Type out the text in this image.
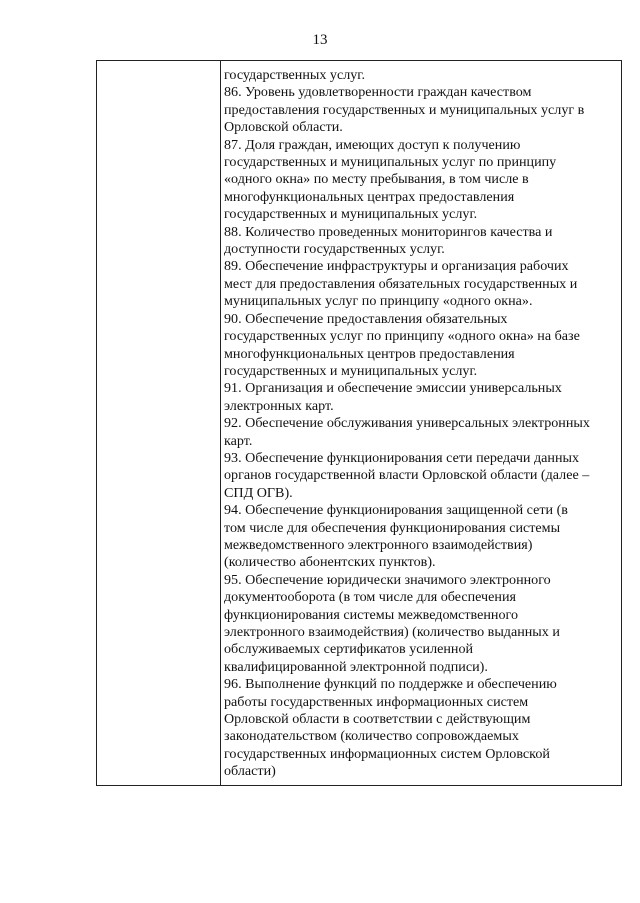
13
государственных услуг.
86. Уровень удовлетворенности граждан качеством
предоставления государственных и муниципальных услуг в
Орловской области.
87. Доля граждан, имеющих доступ к получению
государственных и муниципальных услуг по принципу
«одного окна» по месту пребывания, в том числе в
многофункциональных центрах предоставления
государственных и муниципальных услуг.
88. Количество проведенных мониторингов качества и
доступности государственных услуг.
89. Обеспечение инфраструктуры и организация рабочих
мест для предоставления обязательных государственных и
муниципальных услуг по принципу «одного окна».
90. Обеспечение предоставления обязательных
государственных услуг по принципу «одного окна» на базе
многофункциональных центров предоставления
государственных и муниципальных услуг.
91. Организация и обеспечение эмиссии универсальных
электронных карт.
92. Обеспечение обслуживания универсальных электронных
карт.
93. Обеспечение функционирования сети передачи данных
органов государственной власти Орловской области (далее –
СПД ОГВ).
94. Обеспечение функционирования защищенной сети (в
том числе для обеспечения функционирования системы
межведомственного электронного взаимодействия)
(количество абонентских пунктов).
95. Обеспечение юридически значимого электронного
документооборота (в том числе для обеспечения
функционирования системы межведомственного
электронного взаимодействия) (количество выданных и
обслуживаемых сертификатов усиленной
квалифицированной электронной подписи).
96. Выполнение функций по поддержке и обеспечению
работы государственных информационных систем
Орловской области в соответствии с действующим
законодательством (количество сопровождаемых
государственных информационных систем Орловской
области)
